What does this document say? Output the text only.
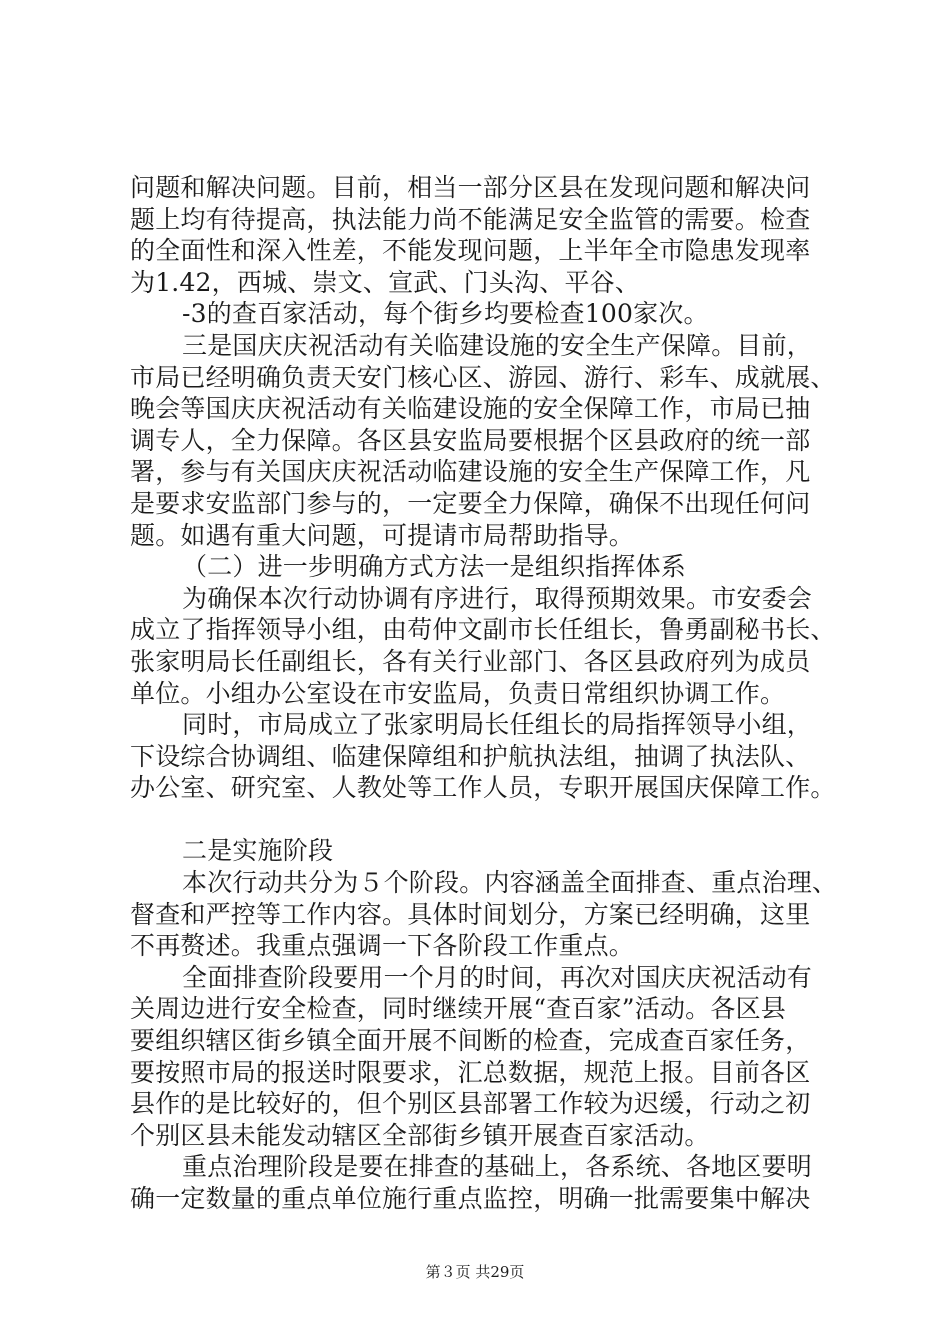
问题和解决问题。目前，相当一部分区县在发现问题和解决问
题上均有待提高，执法能力尚不能满足安全监管的需要。检查
的全面性和深入性差，不能发现问题，上半年全市隐患发现率
为1.42，西城、崇文、宣武、门头沟、平谷、
-3的查百家活动，每个街乡均要检查100家次。
三是国庆庆祝活动有关临建设施的安全生产保障。目前，
市局已经明确负责天安门核心区、游园、游行、彩车、成就展、
晚会等国庆庆祝活动有关临建设施的安全保障工作，市局已抽
调专人，全力保障。各区县安监局要根据个区县政府的统一部
署，参与有关国庆庆祝活动临建设施的安全生产保障工作，凡
是要求安监部门参与的，一定要全力保障，确保不出现任何问
题。如遇有重大问题，可提请市局帮助指导。
（二）进一步明确方式方法一是组织指挥体系
为确保本次行动协调有序进行，取得预期效果。市安委会
成立了指挥领导小组，由苟仲文副市长任组长，鲁勇副秘书长、
张家明局长任副组长，各有关行业部门、各区县政府列为成员
单位。小组办公室设在市安监局，负责日常组织协调工作。
同时，市局成立了张家明局长任组长的局指挥领导小组，
下设综合协调组、临建保障组和护航执法组，抽调了执法队、
办公室、研究室、人教处等工作人员，专职开展国庆保障工作。
二是实施阶段
本次行动共分为５个阶段。内容涵盖全面排查、重点治理、
督查和严控等工作内容。具体时间划分，方案已经明确，这里
不再赘述。我重点强调一下各阶段工作重点。
全面排查阶段要用一个月的时间，再次对国庆庆祝活动有
关周边进行安全检查，同时继续开展“查百家”活动。各区县
要组织辖区街乡镇全面开展不间断的检查，完成查百家任务，
要按照市局的报送时限要求，汇总数据，规范上报。目前各区
县作的是比较好的，但个别区县部署工作较为迟缓，行动之初
个别区县未能发动辖区全部街乡镇开展查百家活动。
重点治理阶段是要在排查的基础上，各系统、各地区要明
确一定数量的重点单位施行重点监控，明确一批需要集中解决
第３页 共29页
